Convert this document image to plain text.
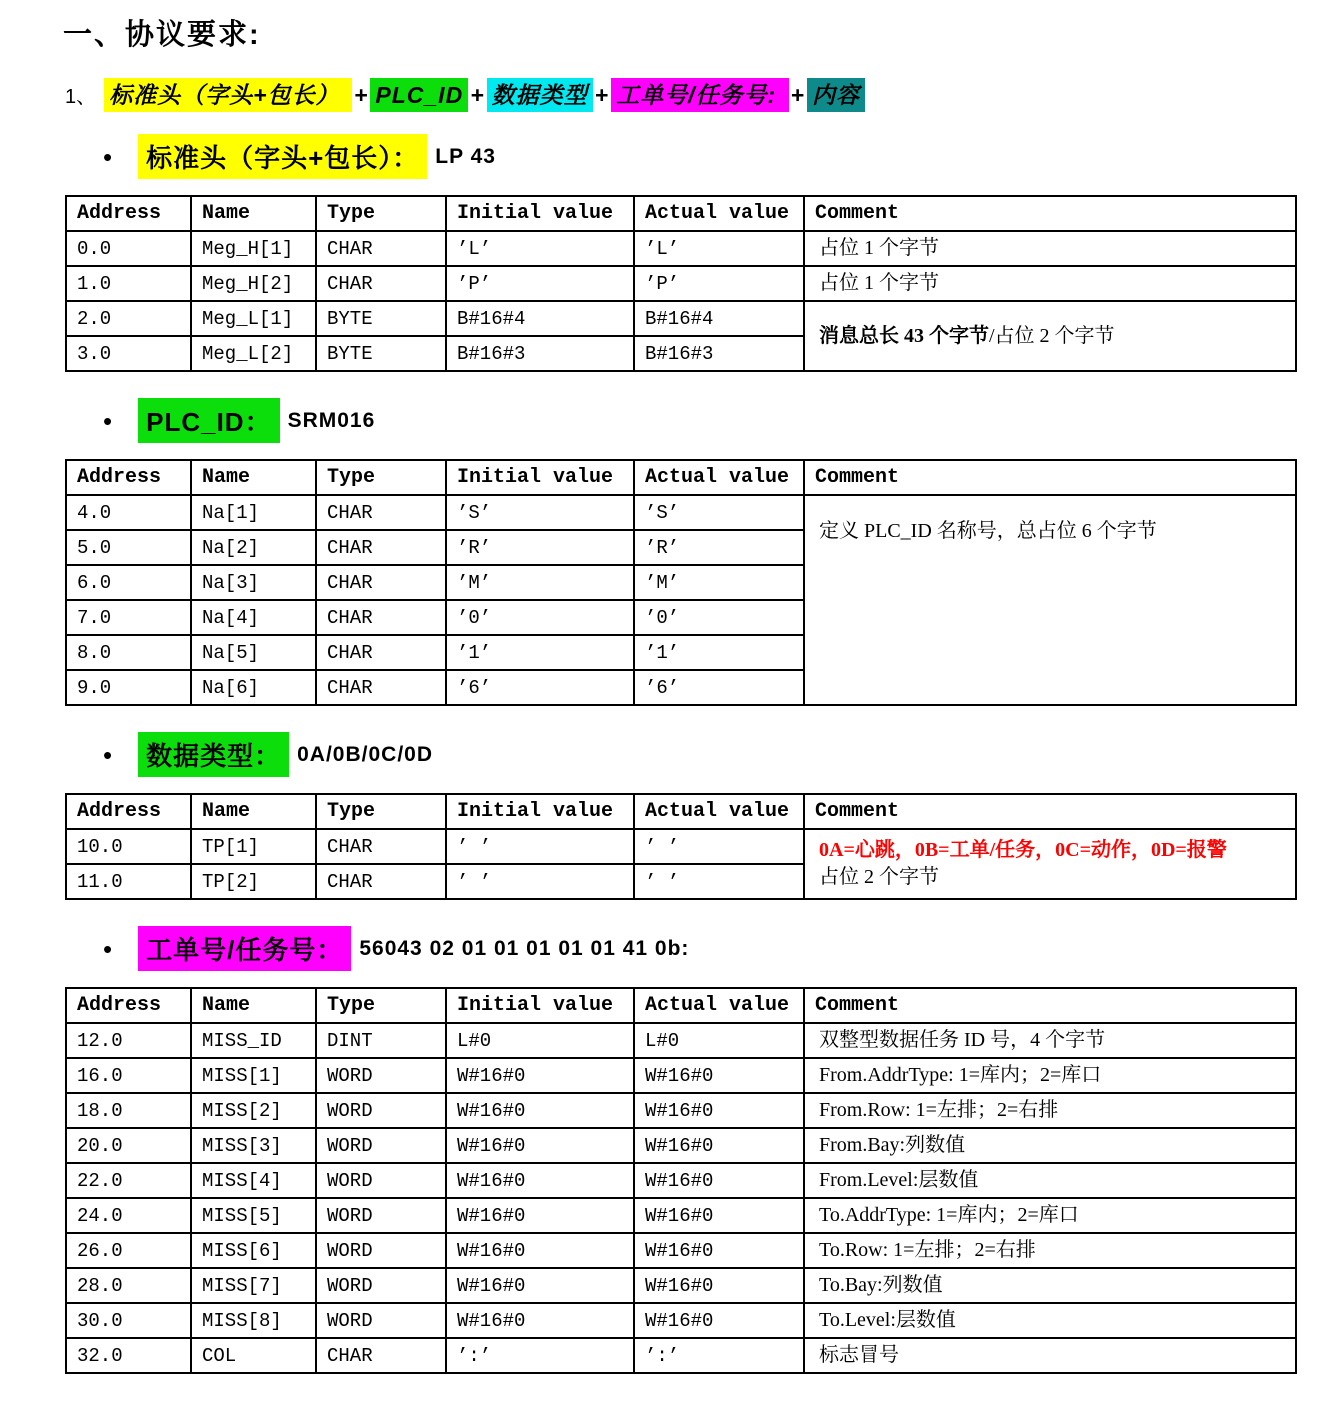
一、协议要求:
1、 标准头（字头+包长） + PLC_ID + 数据类型 + 工单号/任务号: + 内容
•	标准头（字头+包长）： LP 43
Address	Name	Type	Initial value	Actual value	Comment
0.0	Meg_H[1]	CHAR	’L’	’L’	占位 1 个字节

1.0	Meg_H[2]	CHAR	’P’	’P’	占位 1 个字节

2.0	Meg_L[1]	BYTE	B#16#4	B#16#4	消息总长 43 个字节/占位 2 个字节

3.0	Meg_L[2]	BYTE	B#16#3	B#16#3	
•	PLC_ID： SRM016
Address	Name	Type	Initial value	Actual value	Comment
4.0	Na[1]	CHAR	’S’	’S’	定义 PLC_ID 名称号，总占位 6 个字节

5.0	Na[2]	CHAR	’R’	’R’	
6.0	Na[3]	CHAR	’M’	’M’	
7.0	Na[4]	CHAR	’0’	’0’	
8.0	Na[5]	CHAR	’1’	’1’	
9.0	Na[6]	CHAR	’6’	’6’	
•	数据类型： 0A/0B/0C/0D
Address	Name	Type	Initial value	Actual value	Comment
10.0	TP[1]	CHAR	’ ’	’ ’	0A=心跳，0B=工单/任务，0C=动作，0D=报警
占位 2 个字节

11.0	TP[2]	CHAR	’ ’	’ ’	
•	工单号/任务号： 56043 02 01 01 01 01 01 41 0b:
Address	Name	Type	Initial value	Actual value	Comment
12.0	MISS_ID	DINT	L#0	L#0	双整型数据任务 ID 号，4 个字节

16.0	MISS[1]	WORD	W#16#0	W#16#0	From.AddrType: 1=库内；2=库口

18.0	MISS[2]	WORD	W#16#0	W#16#0	From.Row: 1=左排；2=右排

20.0	MISS[3]	WORD	W#16#0	W#16#0	From.Bay:列数值

22.0	MISS[4]	WORD	W#16#0	W#16#0	From.Level:层数值

24.0	MISS[5]	WORD	W#16#0	W#16#0	To.AddrType: 1=库内；2=库口

26.0	MISS[6]	WORD	W#16#0	W#16#0	To.Row: 1=左排；2=右排

28.0	MISS[7]	WORD	W#16#0	W#16#0	To.Bay:列数值

30.0	MISS[8]	WORD	W#16#0	W#16#0	To.Level:层数值

32.0	COL	CHAR	’:’	’:’	标志冒号
